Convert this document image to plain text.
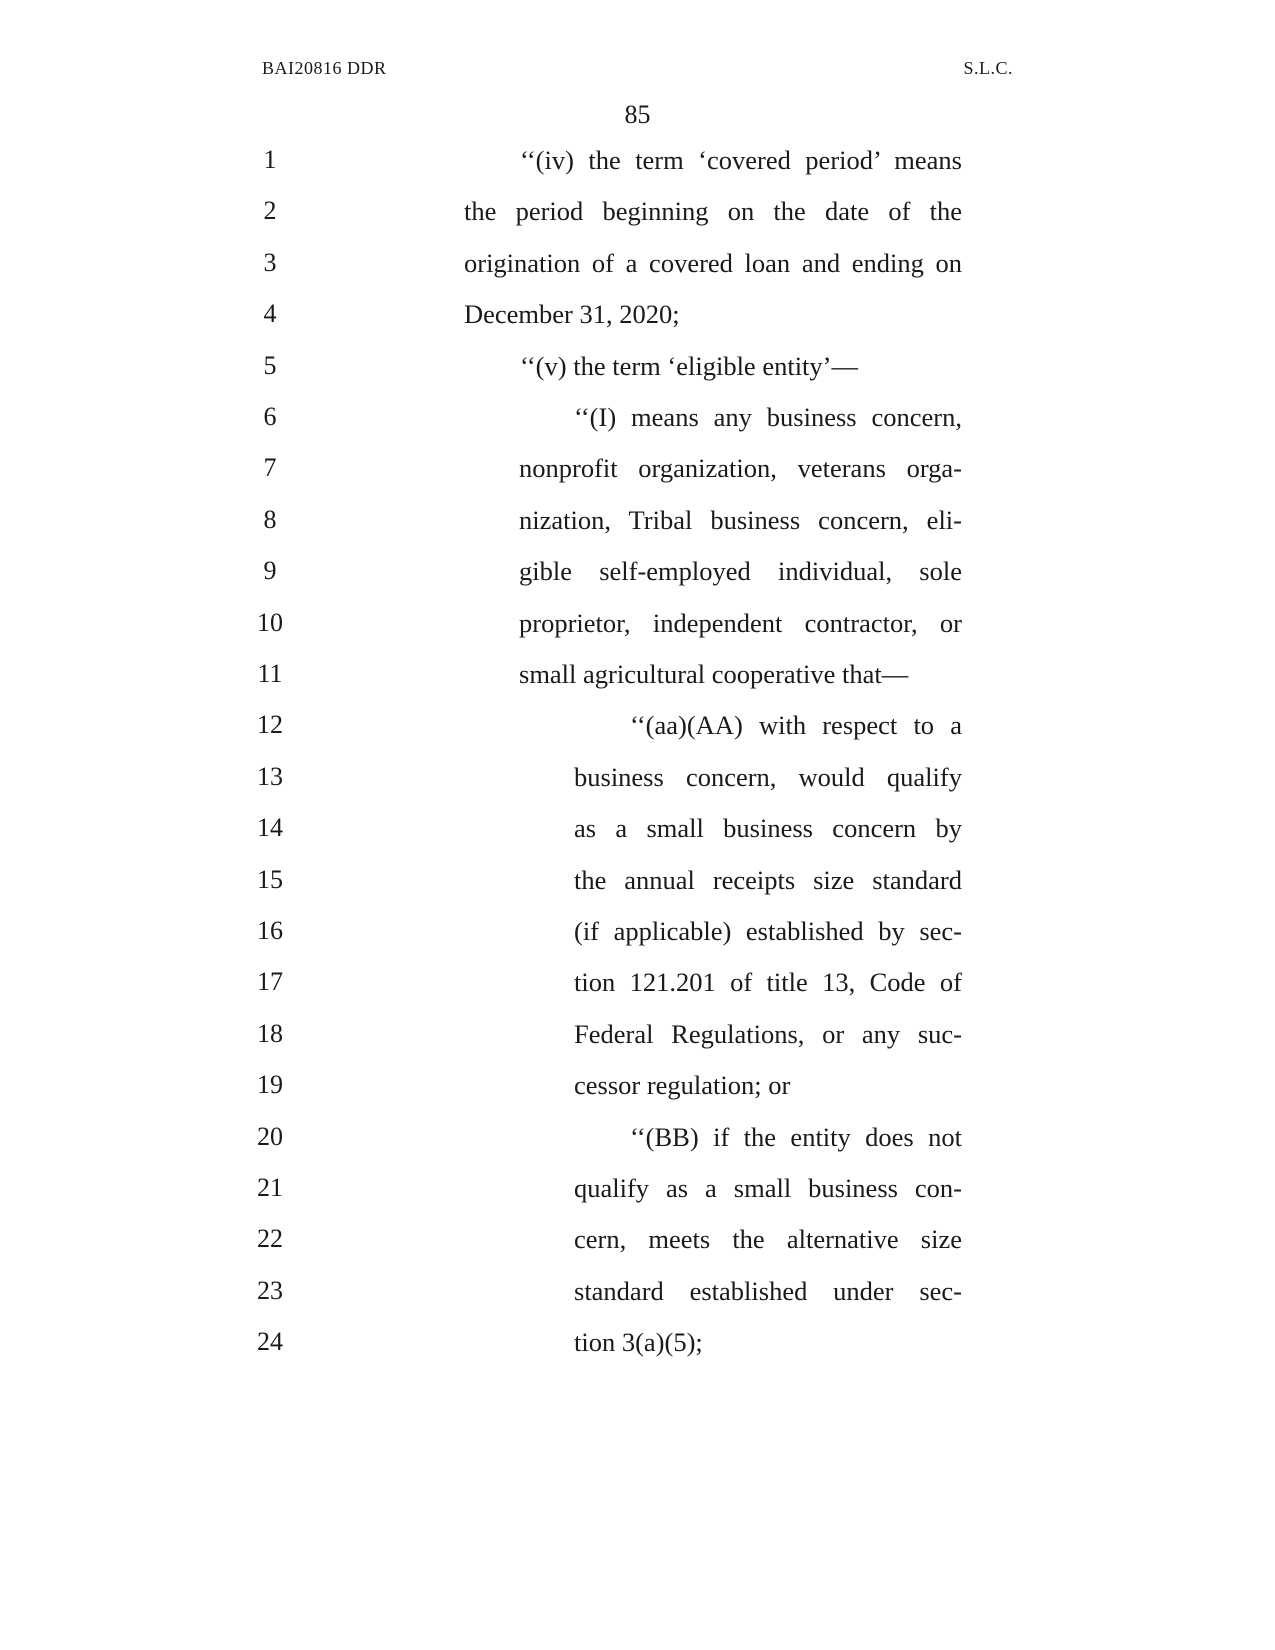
BAI20816 DDR	S.L.C.
85
1	‘‘(iv) the term ‘covered period’ means
2	the period beginning on the date of the
3	origination of a covered loan and ending on
4	December 31, 2020;
5	‘‘(v) the term ‘eligible entity’—
6	‘‘(I) means any business concern,
7	nonprofit organization, veterans orga-
8	nization, Tribal business concern, eli-
9	gible self-employed individual, sole
10	proprietor, independent contractor, or
11	small agricultural cooperative that—
12	‘‘(aa)(AA) with respect to a
13	business concern, would qualify
14	as a small business concern by
15	the annual receipts size standard
16	(if applicable) established by sec-
17	tion 121.201 of title 13, Code of
18	Federal Regulations, or any suc-
19	cessor regulation; or
20	‘‘(BB) if the entity does not
21	qualify as a small business con-
22	cern, meets the alternative size
23	standard established under sec-
24	tion 3(a)(5);
